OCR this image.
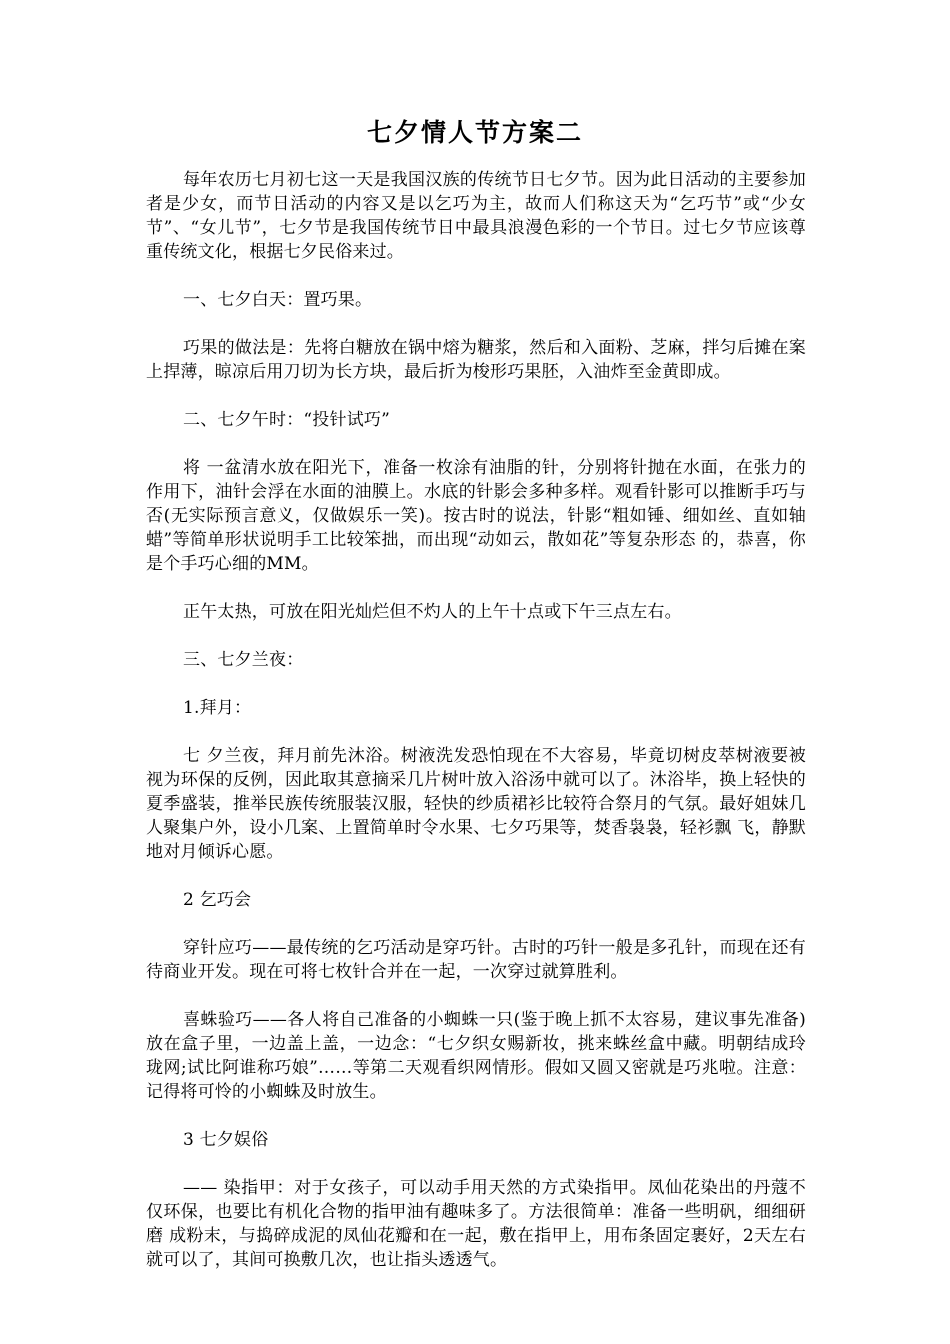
七夕情人节方案二

每年农历七月初七这一天是我国汉族的传统节日七夕节。因为此日活动的主要参加者是少女，而节日活动的内容又是以乞巧为主，故而人们称这天为“乞巧节”或“少女节”、“女儿节”，七夕节是我国传统节日中最具浪漫色彩的一个节日。过七夕节应该尊重传统文化，根据七夕民俗来过。

一、七夕白天：置巧果。

巧果的做法是：先将白糖放在锅中熔为糖浆，然后和入面粉、芝麻，拌匀后摊在案上捍薄，晾凉后用刀切为长方块，最后折为梭形巧果胚，入油炸至金黄即成。

二、七夕午时：“投针试巧”

将 一盆清水放在阳光下，准备一枚涂有油脂的针，分别将针抛在水面，在张力的作用下，油针会浮在水面的油膜上。水底的针影会多种多样。观看针影可以推断手巧与 否(无实际预言意义，仅做娱乐一笑)。按古时的说法，针影“粗如锤、细如丝、直如轴蜡”等简单形状说明手工比较笨拙，而出现“动如云，散如花”等复杂形态 的，恭喜，你是个手巧心细的MM。

正午太热，可放在阳光灿烂但不灼人的上午十点或下午三点左右。

三、七夕兰夜：

1.拜月：

七 夕兰夜，拜月前先沐浴。树液洗发恐怕现在不大容易，毕竟切树皮萃树液要被视为环保的反例，因此取其意摘采几片树叶放入浴汤中就可以了。沐浴毕，换上轻快的 夏季盛装，推举民族传统服装汉服，轻快的纱质裙衫比较符合祭月的气氛。最好姐妹几人聚集户外，设小几案、上置简单时令水果、七夕巧果等，焚香袅袅，轻衫飘 飞，静默地对月倾诉心愿。

2 乞巧会

穿针应巧——最传统的乞巧活动是穿巧针。古时的巧针一般是多孔针，而现在还有待商业开发。现在可将七枚针合并在一起，一次穿过就算胜利。

喜蛛验巧——各人将自己准备的小蜘蛛一只(鉴于晚上抓不太容易，建议事先准备)放在盒子里，一边盖上盖，一边念：“七夕织女赐新妆，挑来蛛丝盒中藏。明朝结成玲珑网;试比阿谁称巧娘”……等第二天观看织网情形。假如又圆又密就是巧兆啦。注意：记得将可怜的小蜘蛛及时放生。

3 七夕娱俗

—— 染指甲：对于女孩子，可以动手用天然的方式染指甲。凤仙花染出的丹蔻不仅环保，也要比有机化合物的指甲油有趣味多了。方法很简单：准备一些明矾，细细研磨 成粉末，与捣碎成泥的凤仙花瓣和在一起，敷在指甲上，用布条固定裹好，2天左右就可以了，其间可换敷几次，也让指头透透气。
